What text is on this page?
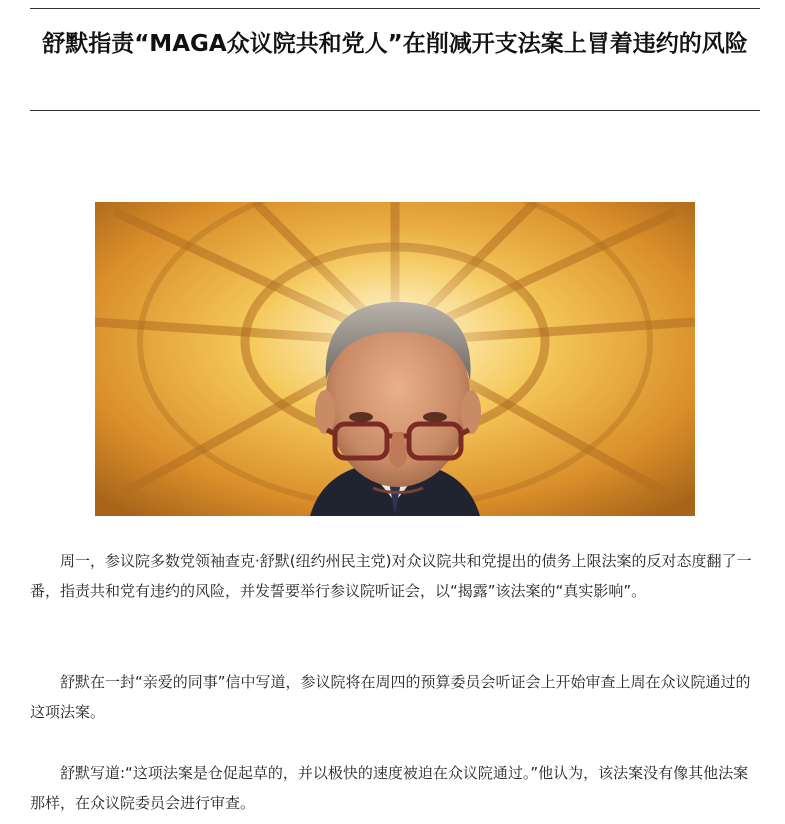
舒默指责“MAGA众议院共和党人”在削减开支法案上冒着违约的风险

周一，参议院多数党领袖查克·舒默(纽约州民主党)对众议院共和党提出的债务上限法案的反对态度翻了一番，指责共和党有违约的风险，并发誓要举行参议院听证会，以“揭露”该法案的“真实影响”。

舒默在一封“亲爱的同事”信中写道，参议院将在周四的预算委员会听证会上开始审查上周在众议院通过的这项法案。

舒默写道:“这项法案是仓促起草的，并以极快的速度被迫在众议院通过。”他认为，该法案没有像其他法案那样，在众议院委员会进行审查。
